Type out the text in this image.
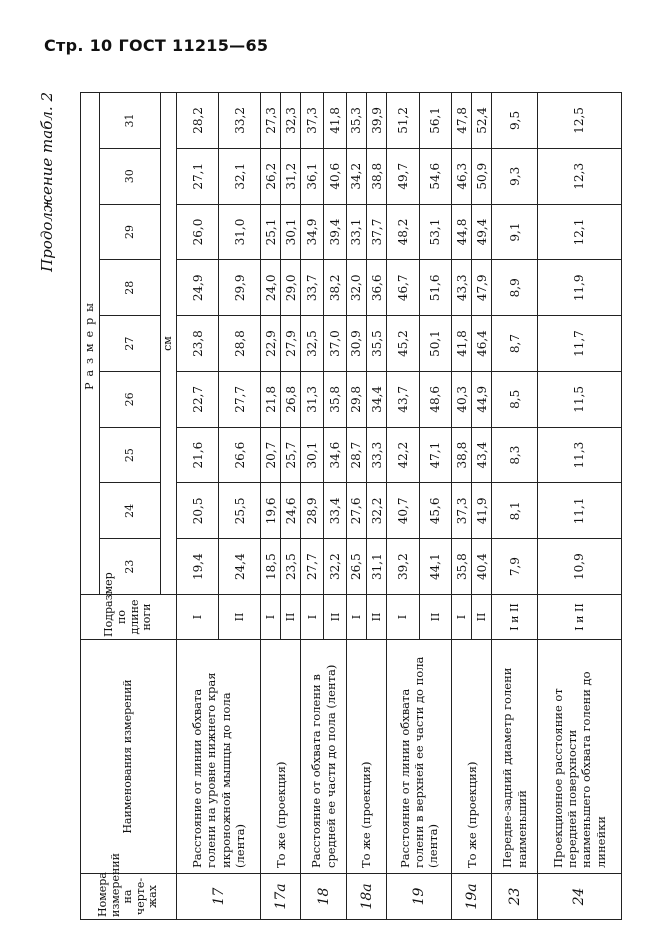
Стр. 10 ГОСТ 11215—65
Продолжение табл. 2
Номера измерений на черте-жах	Наименования измерений	Подразмер по длине ноги	Размеры								
			23	24	25	26	27	28	29	30	31
			см								
17	Расстояние от линии обхвата голени на уровне нижнего края икроножной мышцы до пола (лента)	I	19,4	20,5	21,6	22,7	23,8	24,9	26,0	27,1	28,2
		II	24,4	25,5	26,6	27,7	28,8	29,9	31,0	32,1	33,2
17а	То же (проекция)	I	18,5	19,6	20,7	21,8	22,9	24,0	25,1	26,2	27,3
		II	23,5	24,6	25,7	26,8	27,9	29,0	30,1	31,2	32,3
18	Расстояние от обхвата голени в средней ее части до пола (лента)	I	27,7	28,9	30,1	31,3	32,5	33,7	34,9	36,1	37,3
		II	32,2	33,4	34,6	35,8	37,0	38,2	39,4	40,6	41,8
18а	То же (проекция)	I	26,5	27,6	28,7	29,8	30,9	32,0	33,1	34,2	35,3
		II	31,1	32,2	33,3	34,4	35,5	36,6	37,7	38,8	39,9
19	Расстояние от линии обхвата голени в верхней ее части до пола (лента)	I	39,2	40,7	42,2	43,7	45,2	46,7	48,2	49,7	51,2
		II	44,1	45,6	47,1	48,6	50,1	51,6	53,1	54,6	56,1
19а	То же (проекция)	I	35,8	37,3	38,8	40,3	41,8	43,3	44,8	46,3	47,8
		II	40,4	41,9	43,4	44,9	46,4	47,9	49,4	50,9	52,4
23	Передне-задний диаметр голени наименьший	I и II	7,9	8,1	8,3	8,5	8,7	8,9	9,1	9,3	9,5
24	Проекционное расстояние от передней поверхности наименьшего обхвата голени до линейки	I и II	10,9	11,1	11,3	11,5	11,7	11,9	12,1	12,3	12,5
